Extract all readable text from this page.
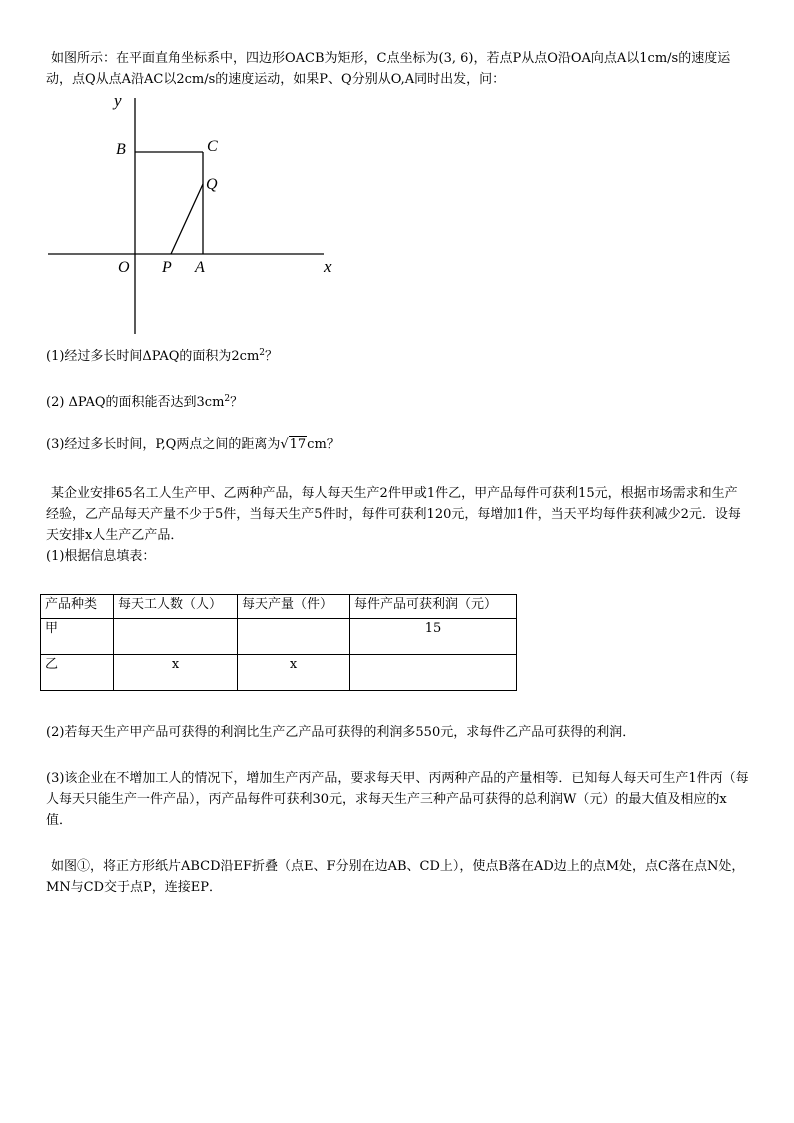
如图所示：在平面直角坐标系中，四边形OACB为矩形，C点坐标为(3, 6)，若点P从点O沿OA向点A以1cm/s的速度运动，点Q从点A沿AC以2cm/s的速度运动，如果P、Q分别从O,A同时出发，问：

y
B	C
Q
O P A	x
(1)经过多长时间ΔPAQ的面积为$2cm^2$？
(2) ΔPAQ的面积能否达到$3cm^2$？
(3)经过多长时间，P,Q两点之间的距离为√17cm？

某企业安排65名工人生产甲、乙两种产品，每人每天生产2件甲或1件乙，甲产品每件可获利15元，根据市场需求和生产经验，乙产品每天产量不少于5件，当每天生产5件时，每件可获利120元，每增加1件，当天平均每件获利减少2元．设每天安排x人生产乙产品．

(1)根据信息填表：
产品种类	每天工人数（人）	每天产量（件）	每件产品可获利润（元）
甲			15
乙	x	x	

(2)若每天生产甲产品可获得的利润比生产乙产品可获得的利润多550元，求每件乙产品可获得的利润．

(3)该企业在不增加工人的情况下，增加生产丙产品，要求每天甲、丙两种产品的产量相等．已知每人每天可生产1件丙（每人每天只能生产一件产品），丙产品每件可获利30元，求每天生产三种产品可获得的总利润W（元）的最大值及相应的x值．

如图①，将正方形纸片ABCD沿EF折叠（点E、F分别在边AB、CD上），使点B落在AD边上的点M处，点C落在点N处，MN与CD交于点P，连接EP．
